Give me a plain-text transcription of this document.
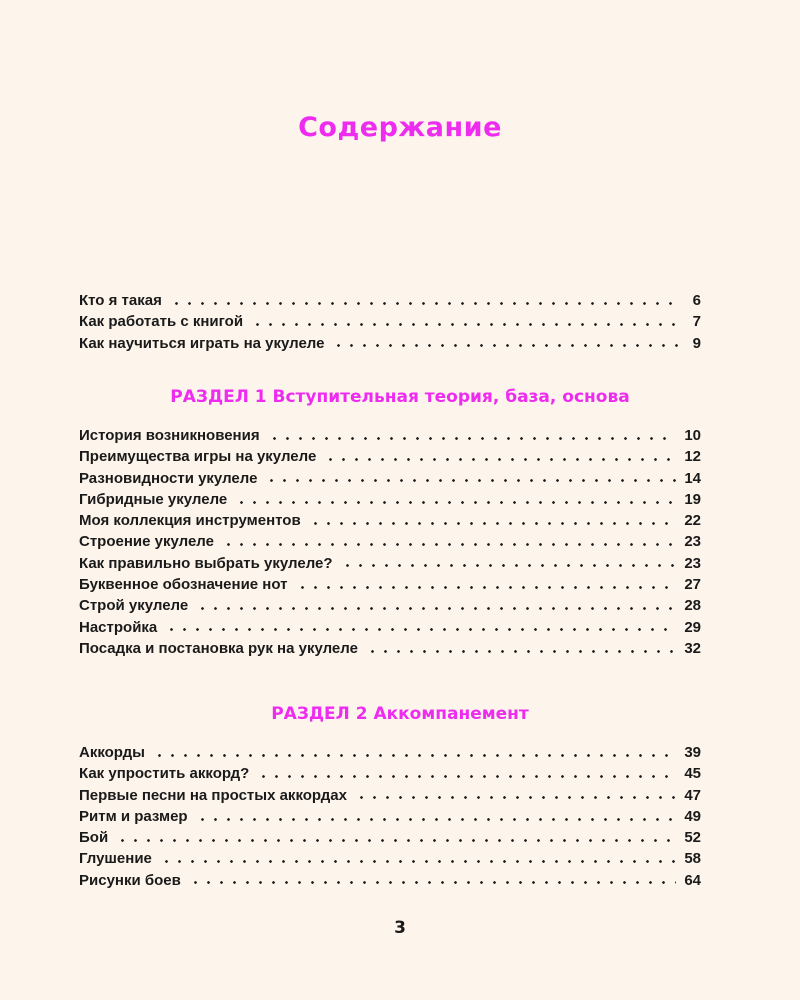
Содержание
Кто я такая	6
Как работать с книгой	7
Как научиться играть на укулеле	9
РАЗДЕЛ 1 Вступительная теория, база, основа
История возникновения	10
Преимущества игры на укулеле	12
Разновидности укулеле	14
Гибридные укулеле	19
Моя коллекция инструментов	22
Строение укулеле	23
Как правильно выбрать укулеле?	23
Буквенное обозначение нот	27
Строй укулеле	28
Настройка	29
Посадка и постановка рук на укулеле	32
РАЗДЕЛ 2 Аккомпанемент
Аккорды	39
Как упростить аккорд?	45
Первые песни на простых аккордах	47
Ритм и размер	49
Бой	52
Глушение	58
Рисунки боев	64
3
